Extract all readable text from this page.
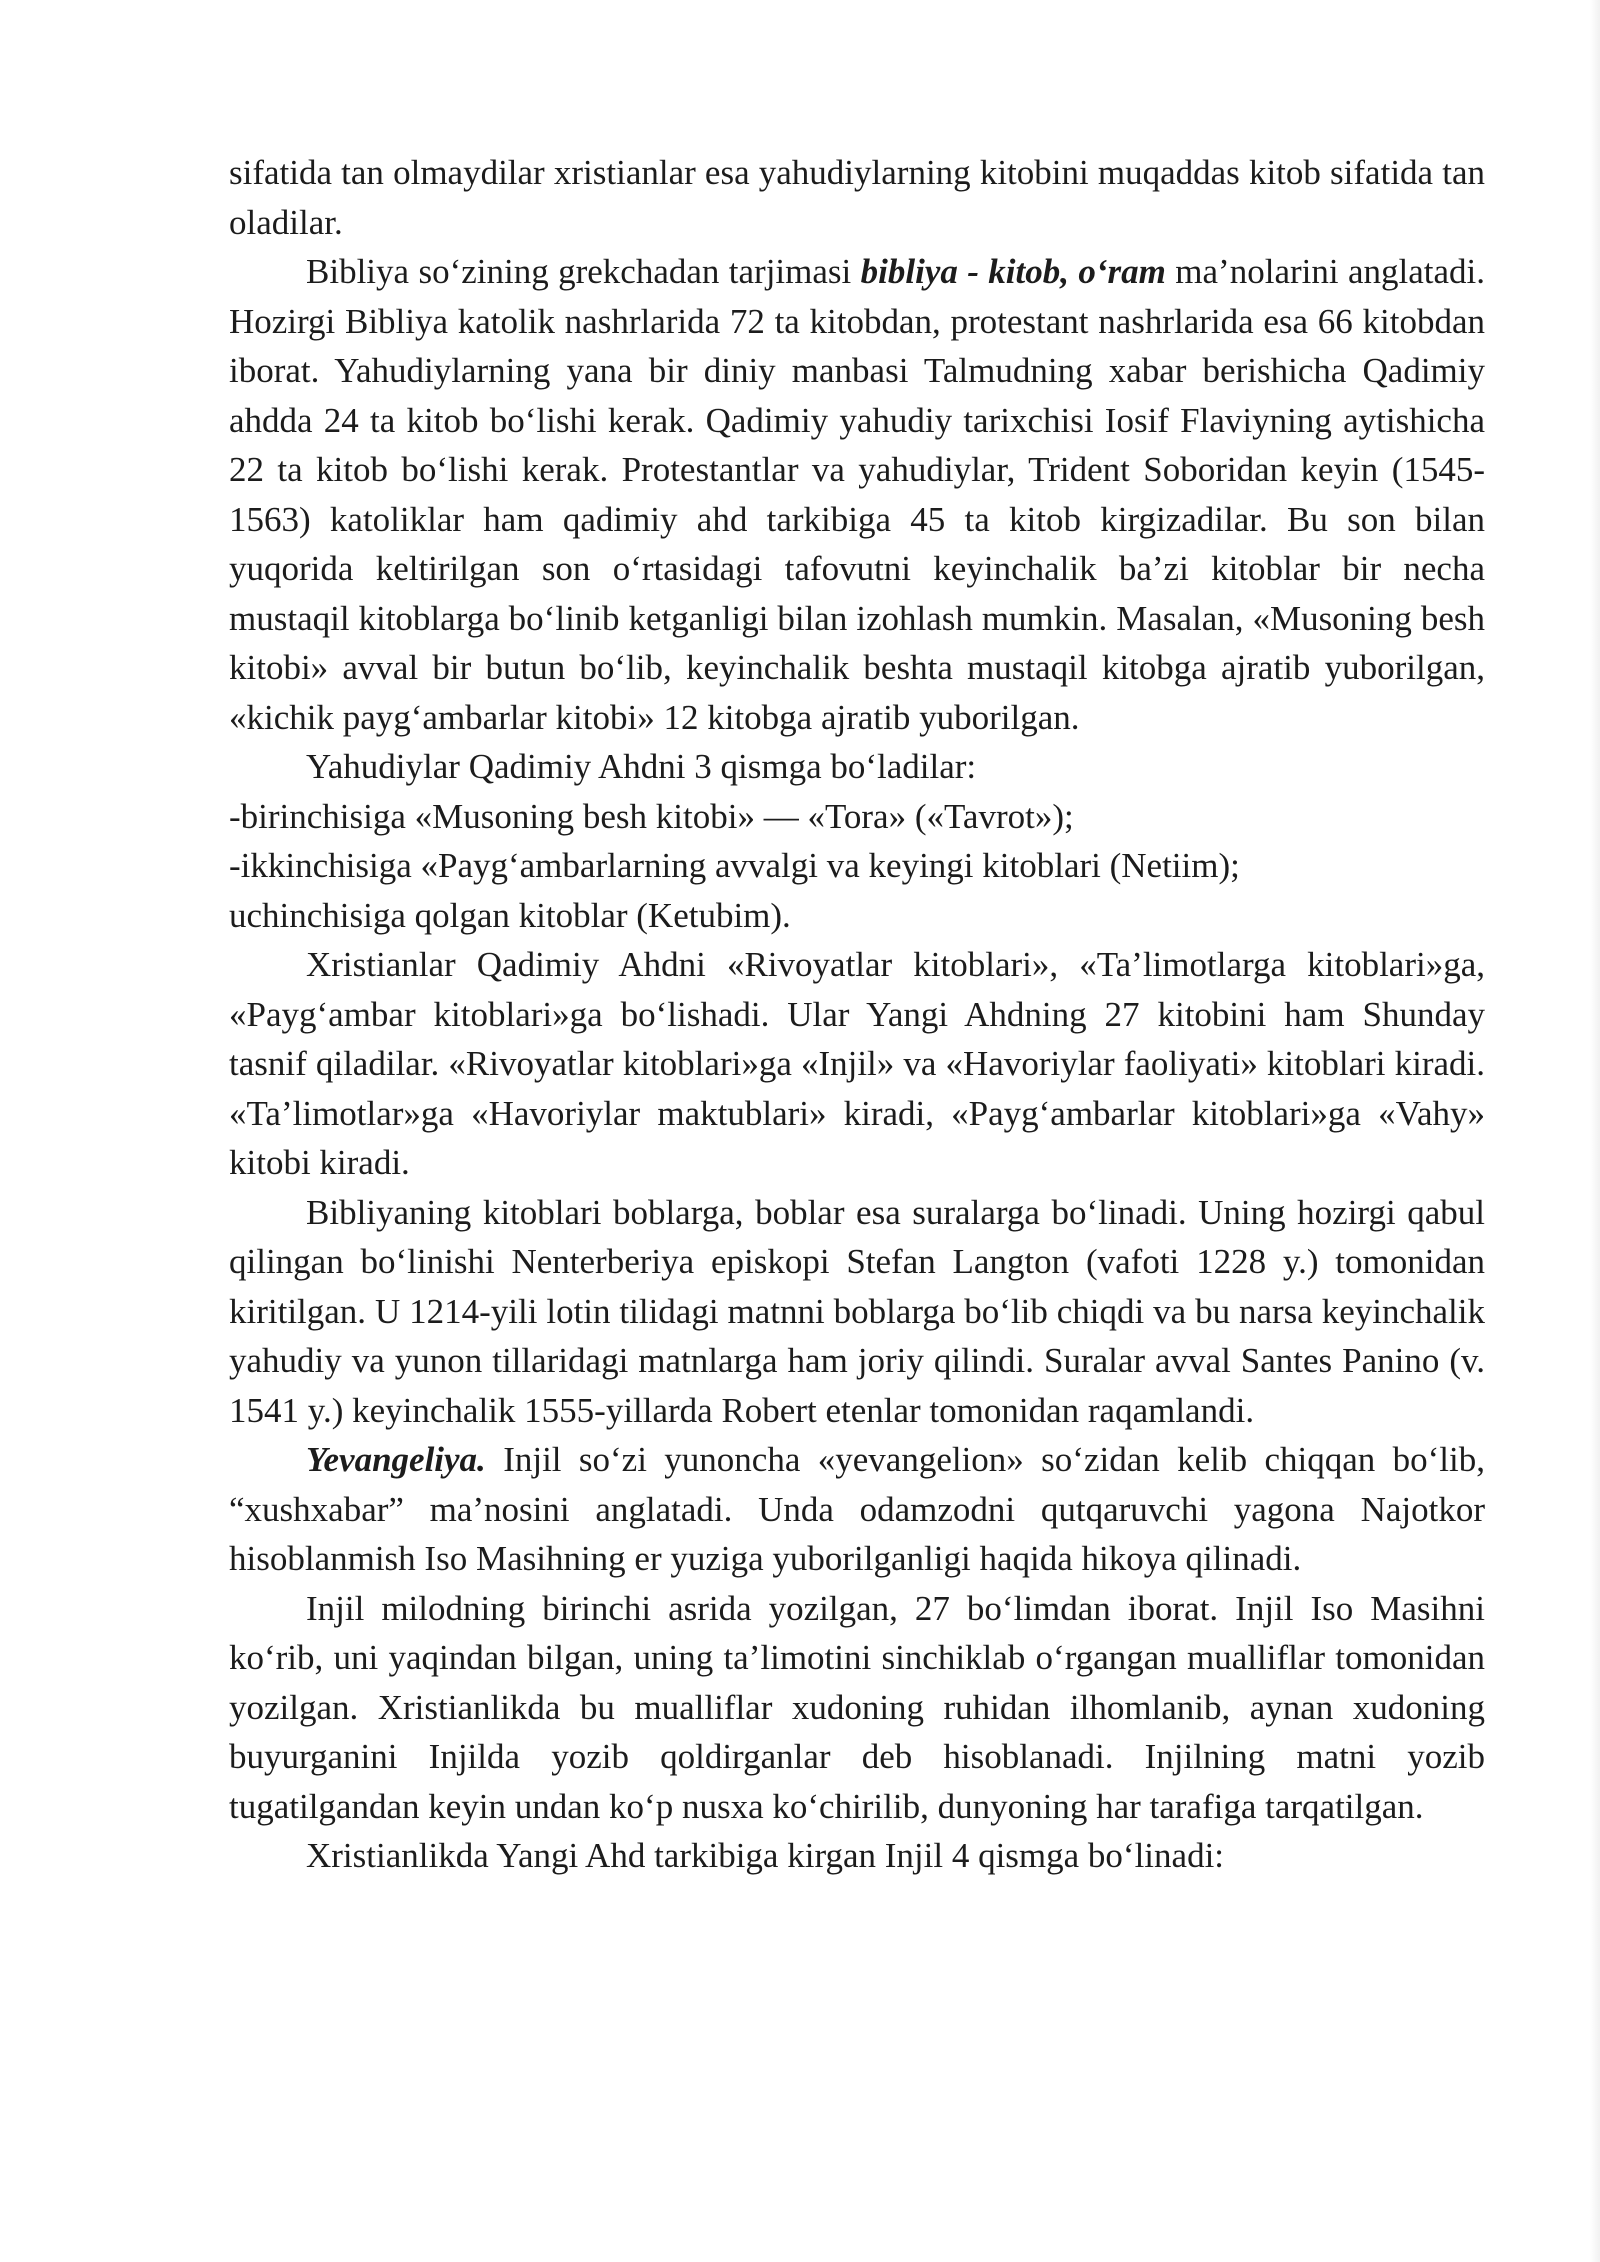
sifatida tan olmaydilar xristianlar esa yahudiylarning kitobini muqaddas kitob sifatida tan oladilar.

Bibliya so‘zining grekchadan tarjimasi bibliya - kitob, o‘ram ma’nolarini anglatadi. Hozirgi Bibliya katolik nashrlarida 72 ta kitobdan, protestant nashrlarida esa 66 kitobdan iborat. Yahudiylarning yana bir diniy manbasi Talmudning xabar berishicha Qadimiy ahdda 24 ta kitob bo‘lishi kerak. Qadimiy yahudiy tarixchisi Iosif Flaviyning aytishicha 22 ta kitob bo‘lishi kerak. Protestantlar va yahudiylar, Trident Soboridan keyin (1545-1563) katoliklar ham qadimiy ahd tarkibiga 45 ta kitob kirgizadilar. Bu son bilan yuqorida keltirilgan son o‘rtasidagi tafovutni keyinchalik ba’zi kitoblar bir necha mustaqil kitoblarga bo‘linib ketganligi bilan izohlash mumkin. Masalan, «Musoning besh kitobi» avval bir butun bo‘lib, keyinchalik beshta mustaqil kitobga ajratib yuborilgan, «kichik payg‘ambarlar kitobi» 12 kitobga ajratib yuborilgan.

Yahudiylar Qadimiy Ahdni 3 qismga bo‘ladilar:

-birinchisiga «Musoning besh kitobi» — «Tora» («Tavrot»);

-ikkinchisiga «Payg‘ambarlarning avvalgi va keyingi kitoblari (Netiim);

uchinchisiga qolgan kitoblar (Ketubim).

Xristianlar Qadimiy Ahdni «Rivoyatlar kitoblari», «Ta’limotlarga kitoblari»ga, «Payg‘ambar kitoblari»ga bo‘lishadi. Ular Yangi Ahdning 27 kitobini ham Shunday tasnif qiladilar. «Rivoyatlar kitoblari»ga «Injil» va «Havoriylar faoliyati» kitoblari kiradi. «Ta’limotlar»ga «Havoriylar maktublari» kiradi, «Payg‘ambarlar kitoblari»ga «Vahy» kitobi kiradi.

Bibliyaning kitoblari boblarga, boblar esa suralarga bo‘linadi. Uning hozirgi qabul qilingan bo‘linishi Nenterberiya episkopi Stefan Langton (vafoti 1228 y.) tomonidan kiritilgan. U 1214-yili lotin tilidagi matnni boblarga bo‘lib chiqdi va bu narsa keyinchalik yahudiy va yunon tillaridagi matnlarga ham joriy qilindi. Suralar avval Santes Panino (v. 1541 y.) keyinchalik 1555-yillarda Robert etenlar tomonidan raqamlandi.

Yevangeliya. Injil so‘zi yunoncha «yevangelion» so‘zidan kelib chiqqan bo‘lib, “xushxabar” ma’nosini anglatadi. Unda odamzodni qutqaruvchi yagona Najotkor hisoblanmish Iso Masihning er yuziga yuborilganligi haqida hikoya qilinadi.

Injil milodning birinchi asrida yozilgan, 27 bo‘limdan iborat. Injil Iso Masihni ko‘rib, uni yaqindan bilgan, uning ta’limotini sinchiklab o‘rgangan mualliflar tomonidan yozilgan. Xristianlikda bu mualliflar xudoning ruhidan ilhomlanib, aynan xudoning buyurganini Injilda yozib qoldirganlar deb hisoblanadi. Injilning matni yozib tugatilgandan keyin undan ko‘p nusxa ko‘chirilib, dunyoning har tarafiga tarqatilgan.

Xristianlikda Yangi Ahd tarkibiga kirgan Injil 4 qismga bo‘linadi:
